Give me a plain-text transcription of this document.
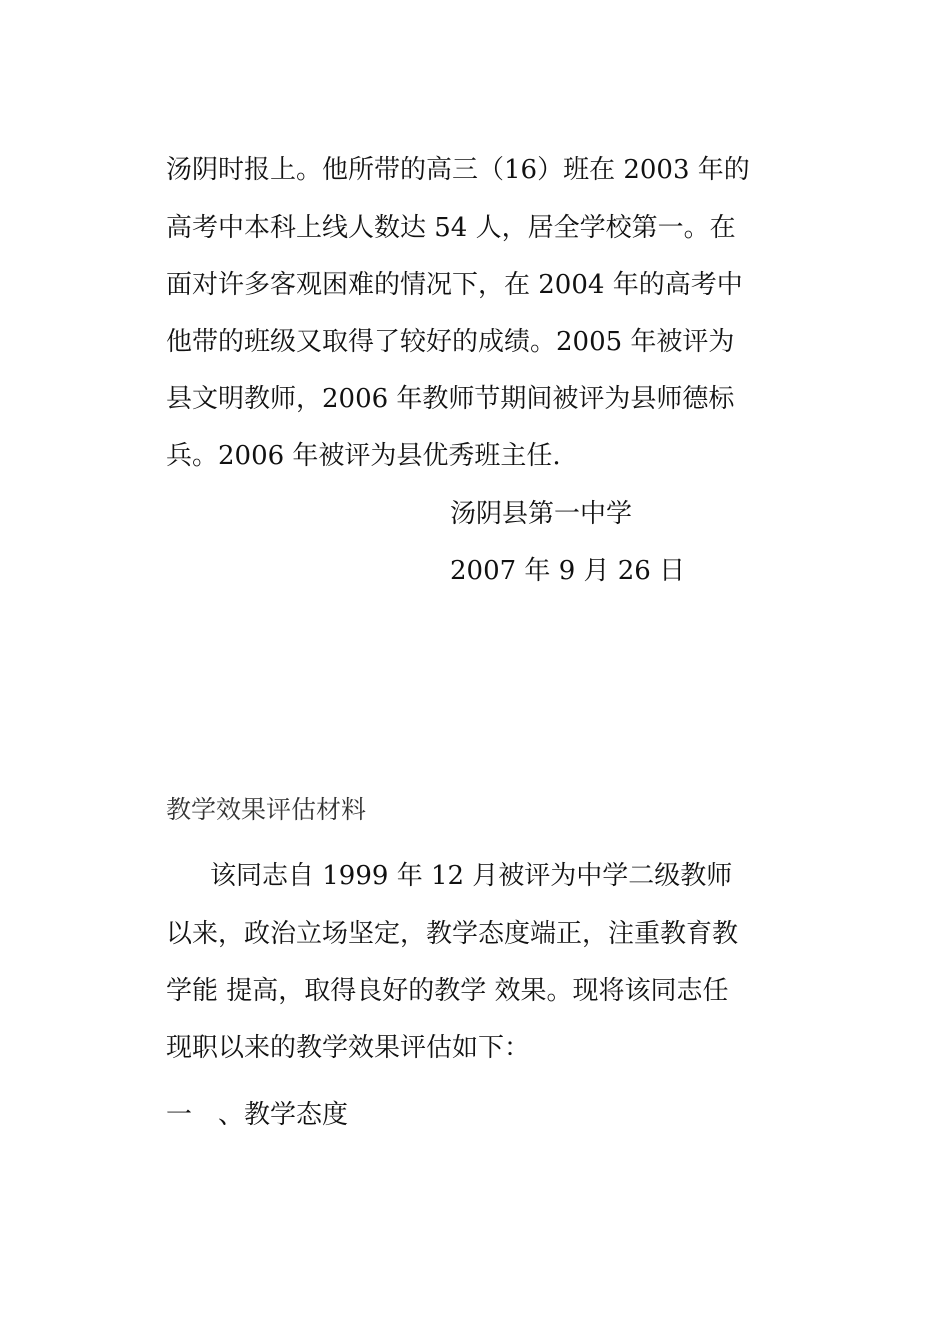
汤阴时报上。他所带的高三（16）班在 2003 年的
高考中本科上线人数达 54 人，居全学校第一。在
面对许多客观困难的情况下，在 2004 年的高考中
他带的班级又取得了较好的成绩。2005 年被评为
县文明教师，2006 年教师节期间被评为县师德标
兵。2006 年被评为县优秀班主任.
汤阴县第一中学
2007 年 9 月 26 日
教学效果评估材料
该同志自 1999 年 12 月被评为中学二级教师
以来，政治立场坚定，教学态度端正，注重教育教
学能 提高，取得良好的教学 效果。现将该同志任
现职以来的教学效果评估如下：
一　、教学态度
